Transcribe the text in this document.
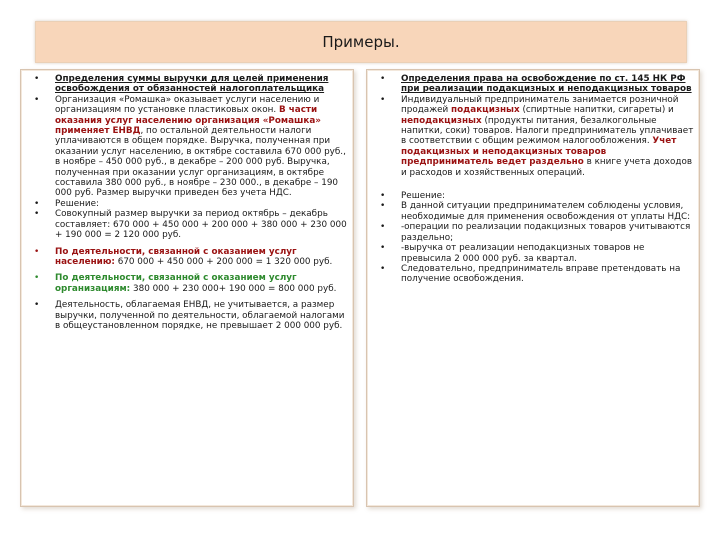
Примеры.
•	Определения суммы выручки для целей применения освобождения от обязанностей налогоплательщика
•	Организация «Ромашка» оказывает услуги населению и организациям по установке пластиковых окон. В части оказания услуг населению организация «Ромашка» применяет ЕНВД, по остальной деятельности налоги уплачиваются в общем порядке. Выручка, полученная при оказании услуг населению, в октябре составила 670 000 руб., в ноябре – 450 000 руб., в декабре – 200 000 руб. Выручка, полученная при оказании услуг организациям, в октябре составила 380 000 руб., в ноябре – 230 000., в декабре – 190 000 руб. Размер выручки приведен без учета НДС.
•	Решение:
•	Совокупный размер выручки за период октябрь – декабрь составляет: 670 000 + 450 000 + 200 000 + 380 000 + 230 000 + 190 000 = 2 120 000 руб.
•	По деятельности, связанной с оказанием услуг населению: 670 000 + 450 000 + 200 000 = 1 320 000 руб.
•	По деятельности, связанной с оказанием услуг организациям: 380 000 + 230 000+ 190 000 = 800 000 руб.
•	Деятельность, облагаемая ЕНВД, не учитывается, а размер выручки, полученной по деятельности, облагаемой налогами в общеустановленном порядке, не превышает 2 000 000 руб.
•	Определения права на освобождение по ст. 145 НК РФ при реализации подакцизных и неподакцизных товаров
•	Индивидуальный предприниматель занимается розничной продажей подакцизных (спиртные напитки, сигареты) и неподакцизных (продукты питания, безалкогольные напитки, соки) товаров. Налоги предприниматель уплачивает в соответствии с общим режимом налогообложения. Учет подакцизных и неподакцизных товаров предприниматель ведет раздельно в книге учета доходов и расходов и хозяйственных операций.
•	Решение:
•	В данной ситуации предпринимателем соблюдены условия, необходимые для применения освобождения от уплаты НДС:
•	-операции по реализации подакцизных товаров учитываются раздельно;
•	-выручка от реализации неподакцизных товаров не превысила 2 000 000 руб. за квартал.
•	Следовательно, предприниматель вправе претендовать на получение освобождения.
